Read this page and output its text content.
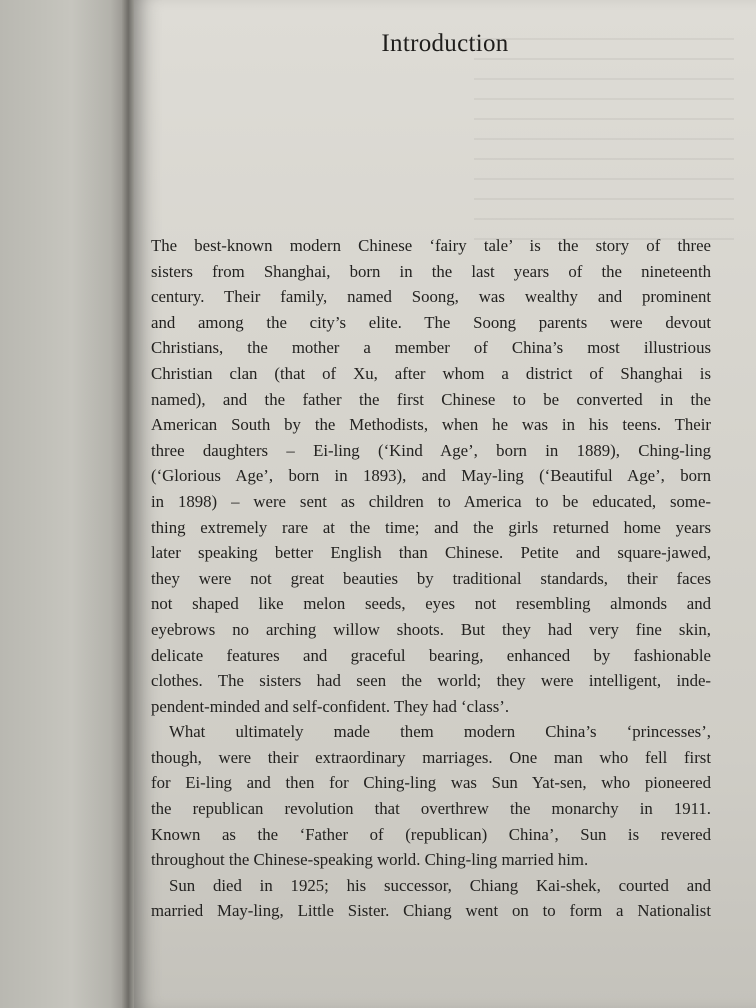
Introduction
The best-known modern Chinese ‘fairy tale’ is the story of three
sisters from Shanghai, born in the last years of the nineteenth
century. Their family, named Soong, was wealthy and prominent
and among the city’s elite. The Soong parents were devout
Christians, the mother a member of China’s most illustrious
Christian clan (that of Xu, after whom a district of Shanghai is
named), and the father the first Chinese to be converted in the
American South by the Methodists, when he was in his teens. Their
three daughters – Ei-ling (‘Kind Age’, born in 1889), Ching-ling
(‘Glorious Age’, born in 1893), and May-ling (‘Beautiful Age’, born
in 1898) – were sent as children to America to be educated, some-
thing extremely rare at the time; and the girls returned home years
later speaking better English than Chinese. Petite and square-jawed,
they were not great beauties by traditional standards, their faces
not shaped like melon seeds, eyes not resembling almonds and
eyebrows no arching willow shoots. But they had very fine skin,
delicate features and graceful bearing, enhanced by fashionable
clothes. The sisters had seen the world; they were intelligent, inde-
pendent-minded and self-confident. They had ‘class’.
What ultimately made them modern China’s ‘princesses’,
though, were their extraordinary marriages. One man who fell first
for Ei-ling and then for Ching-ling was Sun Yat-sen, who pioneered
the republican revolution that overthrew the monarchy in 1911.
Known as the ‘Father of (republican) China’, Sun is revered
throughout the Chinese-speaking world. Ching-ling married him.
Sun died in 1925; his successor, Chiang Kai-shek, courted and
married May-ling, Little Sister. Chiang went on to form a Nationalist
